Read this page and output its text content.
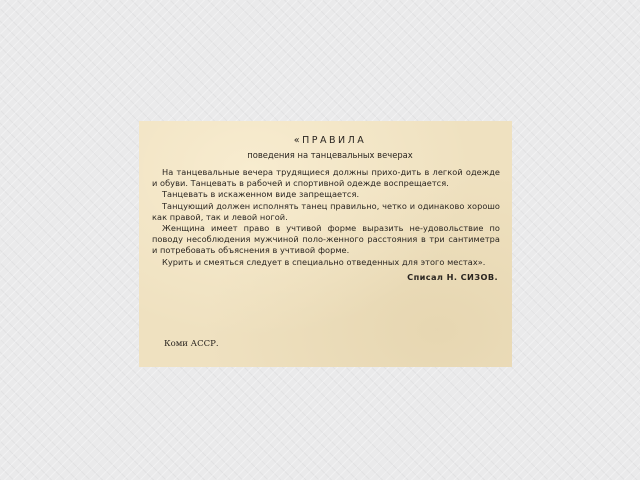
«ПРАВИЛА

поведения на танцевальных вечерах

На танцевальные вечера трудящиеся должны прихо-дить в легкой одежде и обуви. Танцевать в рабочей и спортивной одежде воспрещается.

Танцевать в искаженном виде запрещается.

Танцующий должен исполнять танец правильно, четко и одинаково хорошо как правой, так и левой ногой.

Женщина имеет право в учтивой форме выразить не-удовольствие по поводу несоблюдения мужчиной поло-женного расстояния в три сантиметра и потребовать объяснения в учтивой форме.

Курить и смеяться следует в специально отведенных для этого местах».

Списал Н. СИЗОВ.

Коми АССР.
